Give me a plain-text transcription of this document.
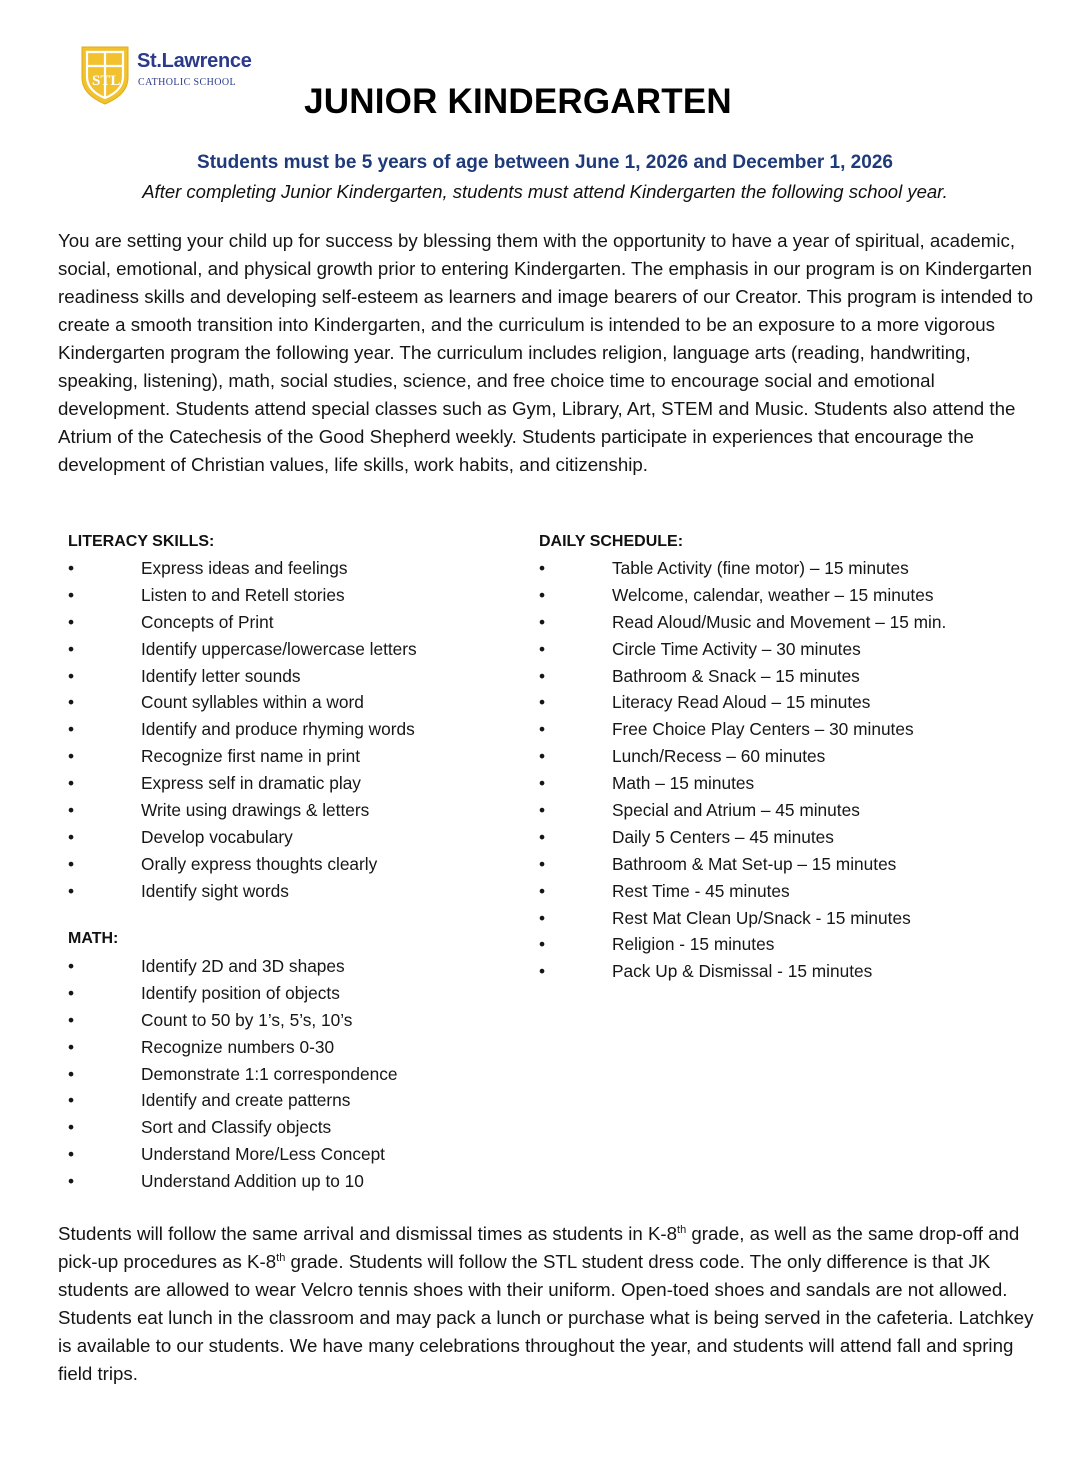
STL
St.Lawrence
CATHOLIC SCHOOL	JUNIOR KINDERGARTEN
Students must be 5 years of age between June 1, 2026 and December 1, 2026
After completing Junior Kindergarten, students must attend Kindergarten the following school year.

You are setting your child up for success by blessing them with the opportunity to have a year of spiritual, academic, social, emotional, and physical growth prior to entering Kindergarten. The emphasis in our program is on Kindergarten readiness skills and developing self-esteem as learners and image bearers of our Creator. This program is intended to create a smooth transition into Kindergarten, and the curriculum is intended to be an exposure to a more vigorous Kindergarten program the following year. The curriculum includes religion, language arts (reading, handwriting, speaking, listening), math, social studies, science, and free choice time to encourage social and emotional development. Students attend special classes such as Gym, Library, Art, STEM and Music. Students also attend the Atrium of the Catechesis of the Good Shepherd weekly. Students participate in experiences that encourage the development of Christian values, life skills, work habits, and citizenship.

LITERACY SKILLS:
•	Express ideas and feelings
•	Listen to and Retell stories
•	Concepts of Print
•	Identify uppercase/lowercase letters
•	Identify letter sounds
•	Count syllables within a word
•	Identify and produce rhyming words
•	Recognize first name in print
•	Express self in dramatic play
•	Write using drawings & letters
•	Develop vocabulary
•	Orally express thoughts clearly
•	Identify sight words
MATH:
•	Identify 2D and 3D shapes
•	Identify position of objects
•	Count to 50 by 1’s, 5’s, 10’s
•	Recognize numbers 0-30
•	Demonstrate 1:1 correspondence
•	Identify and create patterns
•	Sort and Classify objects
•	Understand More/Less Concept
•	Understand Addition up to 10
DAILY SCHEDULE:
•	Table Activity (fine motor) – 15 minutes
•	Welcome, calendar, weather – 15 minutes
•	Read Aloud/Music and Movement – 15 min.
•	Circle Time Activity – 30 minutes
•	Bathroom & Snack – 15 minutes
•	Literacy Read Aloud – 15 minutes
•	Free Choice Play Centers – 30 minutes
•	Lunch/Recess – 60 minutes
•	Math – 15 minutes
•	Special and Atrium – 45 minutes
•	Daily 5 Centers – 45 minutes
•	Bathroom & Mat Set-up – 15 minutes
•	Rest Time - 45 minutes
•	Rest Mat Clean Up/Snack - 15 minutes
•	Religion - 15 minutes
•	Pack Up & Dismissal - 15 minutes

Students will follow the same arrival and dismissal times as students in K-8th grade, as well as the same drop-off and pick-up procedures as K-8th grade. Students will follow the STL student dress code. The only difference is that JK students are allowed to wear Velcro tennis shoes with their uniform. Open-toed shoes and sandals are not allowed. Students eat lunch in the classroom and may pack a lunch or purchase what is being served in the cafeteria. Latchkey is available to our students. We have many celebrations throughout the year, and students will attend fall and spring field trips.
